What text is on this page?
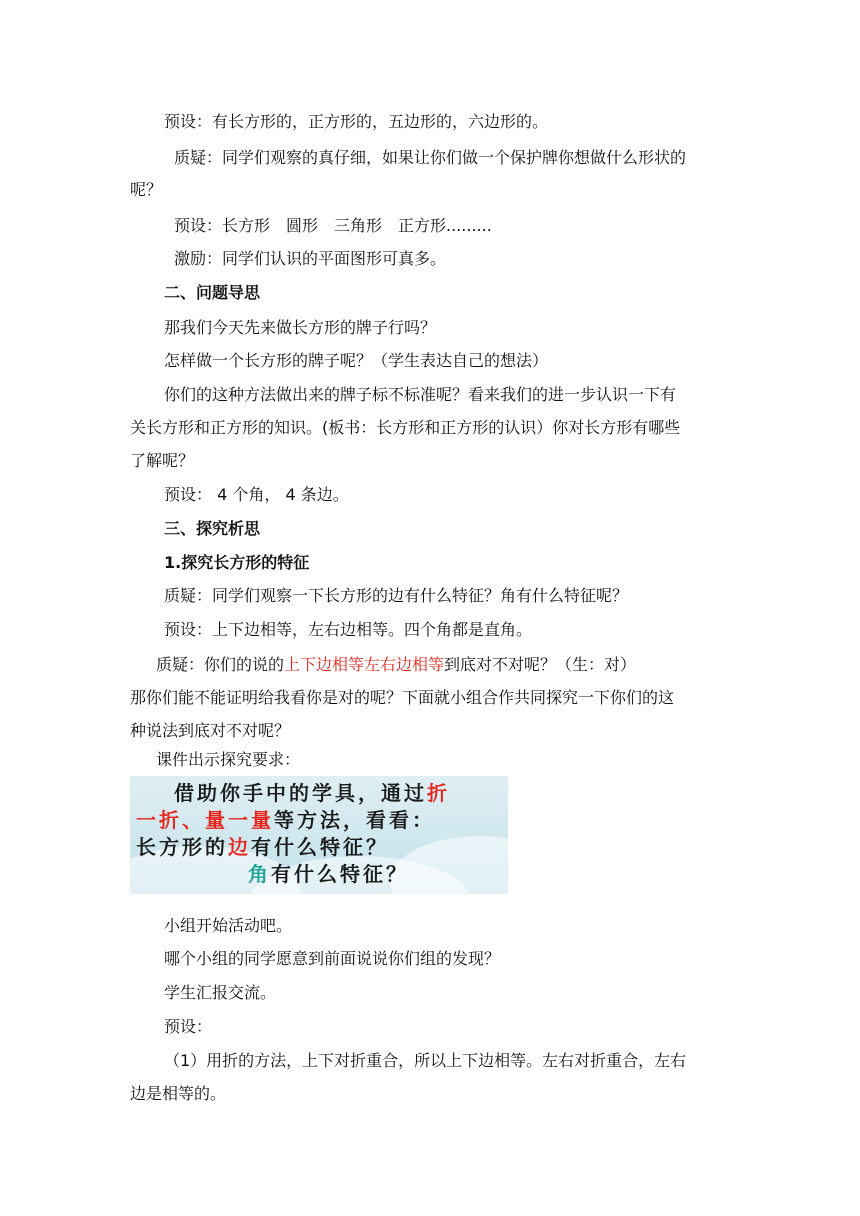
预设：有长方形的，正方形的，五边形的，六边形的。
质疑：同学们观察的真仔细，如果让你们做一个保护牌你想做什么形状的
呢？
预设：长方形　圆形　三角形　正方形.........
激励：同学们认识的平面图形可真多。
二、问题导思
那我们今天先来做长方形的牌子行吗？
怎样做一个长方形的牌子呢？（学生表达自己的想法）
你们的这种方法做出来的牌子标不标准呢？看来我们的进一步认识一下有
关长方形和正方形的知识。(板书：长方形和正方形的认识）你对长方形有哪些
了解呢？
预设： 4 个角， 4 条边。
三、探究析思
1.探究长方形的特征
质疑：同学们观察一下长方形的边有什么特征？角有什么特征呢？
预设：上下边相等，左右边相等。四个角都是直角。
质疑：你们的说的上下边相等左右边相等到底对不对呢？（生：对）
那你们能不能证明给我看你是对的呢？下面就小组合作共同探究一下你们的这
种说法到底对不对呢？
课件出示探究要求：
借助你手中的学具，通过折
一折、量一量等方法，看看：
长方形的边有什么特征？
角有什么特征？
小组开始活动吧。
哪个小组的同学愿意到前面说说你们组的发现？
学生汇报交流。
预设：
（1）用折的方法，上下对折重合，所以上下边相等。左右对折重合，左右
边是相等的。
